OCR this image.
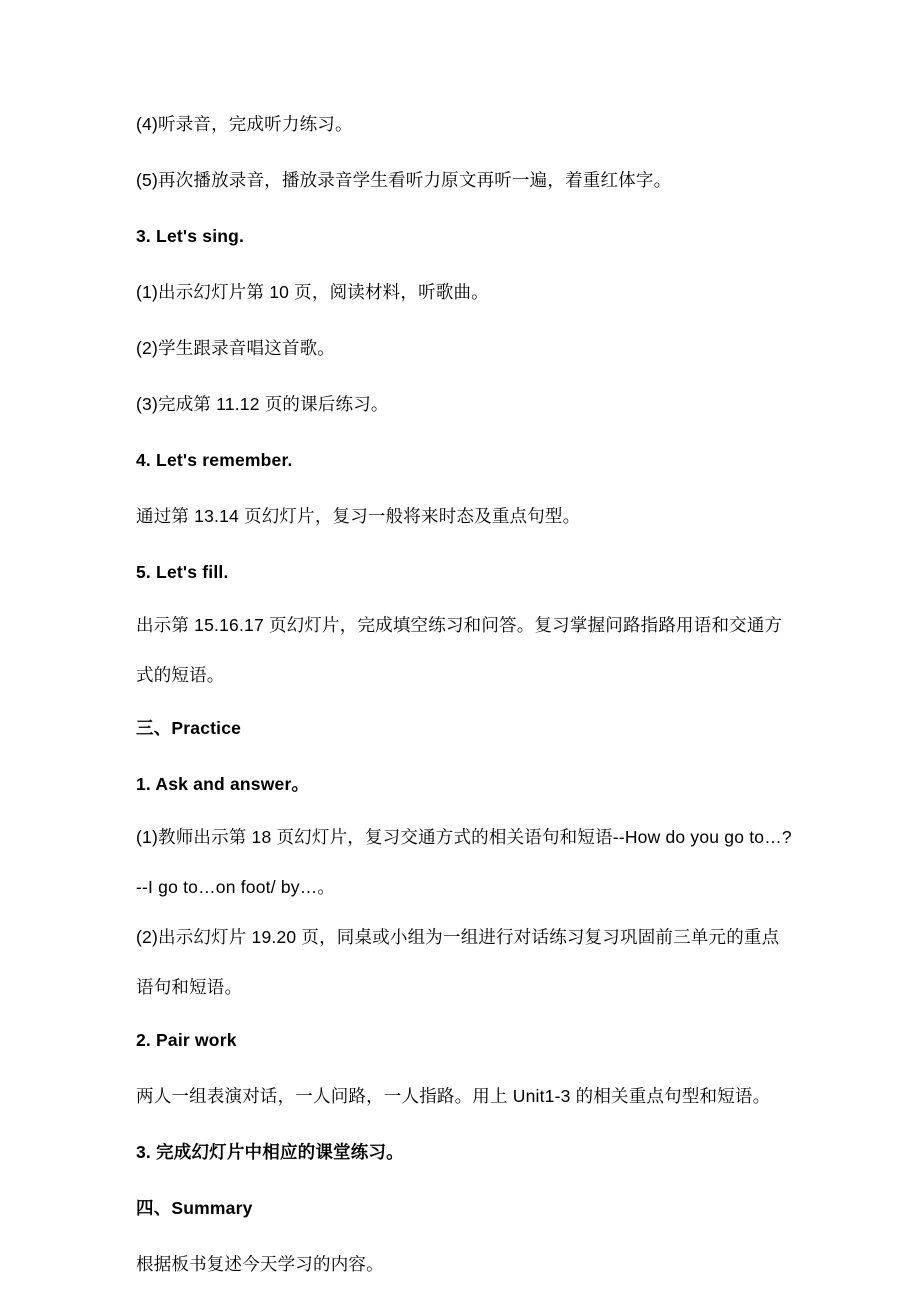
(4)听录音，完成听力练习。

(5)再次播放录音，播放录音学生看听力原文再听一遍，着重红体字。

3. Let's sing.

(1)出示幻灯片第 10 页，阅读材料，听歌曲。

(2)学生跟录音唱这首歌。

(3)完成第 11.12 页的课后练习。

4. Let's remember.

通过第 13.14 页幻灯片，复习一般将来时态及重点句型。

5. Let's fill.

出示第 15.16.17 页幻灯片，完成填空练习和问答。复习掌握问路指路用语和交通方式的短语。

三、Practice

1. Ask and answer。

(1)教师出示第 18 页幻灯片，复习交通方式的相关语句和短语--How do you go to…? --I go to…on foot/ by…。

(2)出示幻灯片 19.20 页，同桌或小组为一组进行对话练习复习巩固前三单元的重点语句和短语。

2. Pair work

两人一组表演对话，一人问路，一人指路。用上 Unit1-3 的相关重点句型和短语。

3. 完成幻灯片中相应的课堂练习。

四、Summary

根据板书复述今天学习的内容。
